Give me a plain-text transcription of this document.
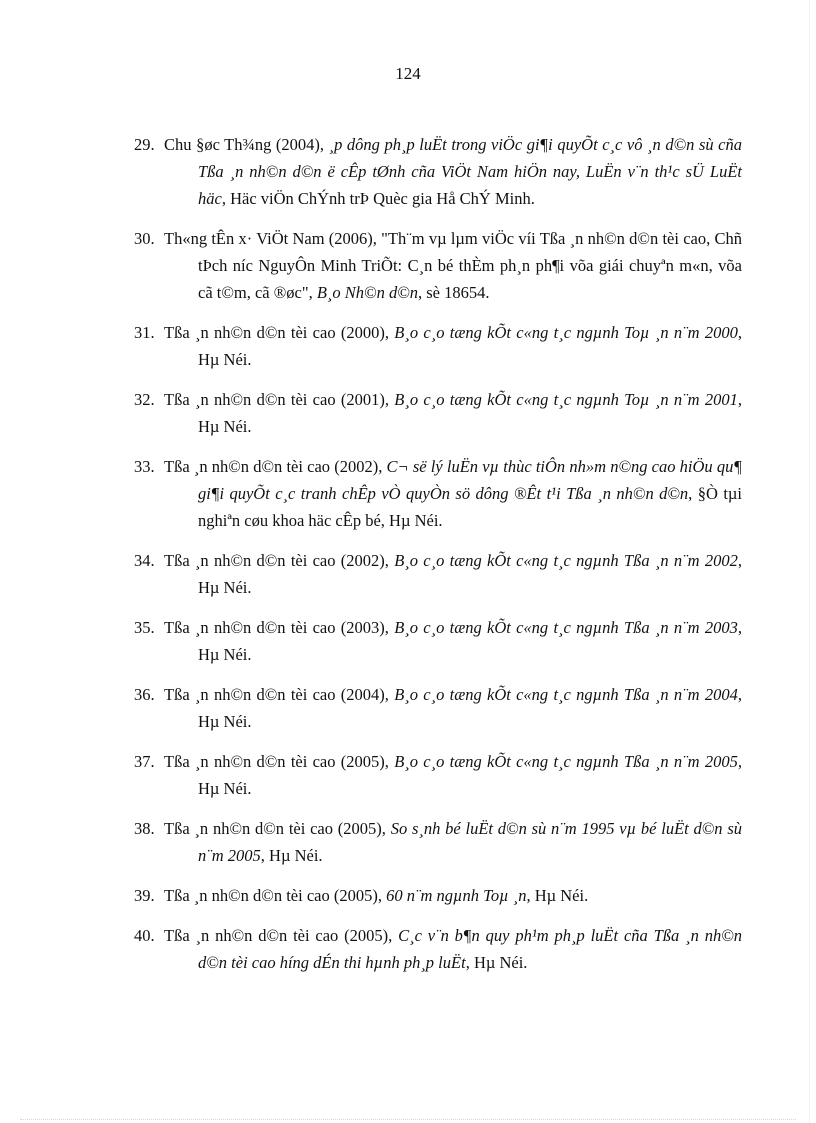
124
29. Chu §øc Th¾ng (2004), ¸p dông ph¸p luËt trong viÖc gi¶i quyÕt c¸c vô ¸n d©n sù cña Tßa ¸n nh©n d©n ë cÊp tØnh cña ViÖt Nam hiÖn nay, LuËn v¨n th¹c sÜ LuËt häc, Häc viÖn ChÝnh trÞ Quèc gia Hå ChÝ Minh.
30. Th«ng tÊn x· ViÖt Nam (2006), "Th¨m vµ lµm viÖc víi Tßa ¸n nh©n d©n tèi cao, Chñ tÞch níc NguyÔn Minh TriÕt: C¸n bé thÈm ph¸n ph¶i võa giái chuyªn m«n, võa cã t©m, cã ®øc", B¸o Nh©n d©n, sè 18654.
31. Tßa ¸n nh©n d©n tèi cao (2000), B¸o c¸o tæng kÕt c«ng t¸c ngµnh Toµ ¸n n¨m 2000, Hµ Néi.
32. Tßa ¸n nh©n d©n tèi cao (2001), B¸o c¸o tæng kÕt c«ng t¸c ngµnh Toµ ¸n n¨m 2001, Hµ Néi.
33. Tßa ¸n nh©n d©n tèi cao (2002), C¬ së lý luËn vµ thùc tiÔn nh»m n©ng cao hiÖu qu¶ gi¶i quyÕt c¸c tranh chÊp vÒ quyÒn sö dông ®Êt t¹i Tßa ¸n nh©n d©n, §Ò tµi nghiªn cøu khoa häc cÊp bé, Hµ Néi.
34. Tßa ¸n nh©n d©n tèi cao (2002), B¸o c¸o tæng kÕt c«ng t¸c ngµnh Tßa ¸n n¨m 2002, Hµ Néi.
35. Tßa ¸n nh©n d©n tèi cao (2003), B¸o c¸o tæng kÕt c«ng t¸c ngµnh Tßa ¸n n¨m 2003, Hµ Néi.
36. Tßa ¸n nh©n d©n tèi cao (2004), B¸o c¸o tæng kÕt c«ng t¸c ngµnh Tßa ¸n n¨m 2004, Hµ Néi.
37. Tßa ¸n nh©n d©n tèi cao (2005), B¸o c¸o tæng kÕt c«ng t¸c ngµnh Tßa ¸n n¨m 2005, Hµ Néi.
38. Tßa ¸n nh©n d©n tèi cao (2005), So s¸nh bé luËt d©n sù n¨m 1995 vµ bé luËt d©n sù n¨m 2005, Hµ Néi.
39. Tßa ¸n nh©n d©n tèi cao (2005), 60 n¨m ngµnh Toµ ¸n, Hµ Néi.
40. Tßa ¸n nh©n d©n tèi cao (2005), C¸c v¨n b¶n quy ph¹m ph¸p luËt cña Tßa ¸n nh©n d©n tèi cao híng dÉn thi hµnh ph¸p luËt, Hµ Néi.
